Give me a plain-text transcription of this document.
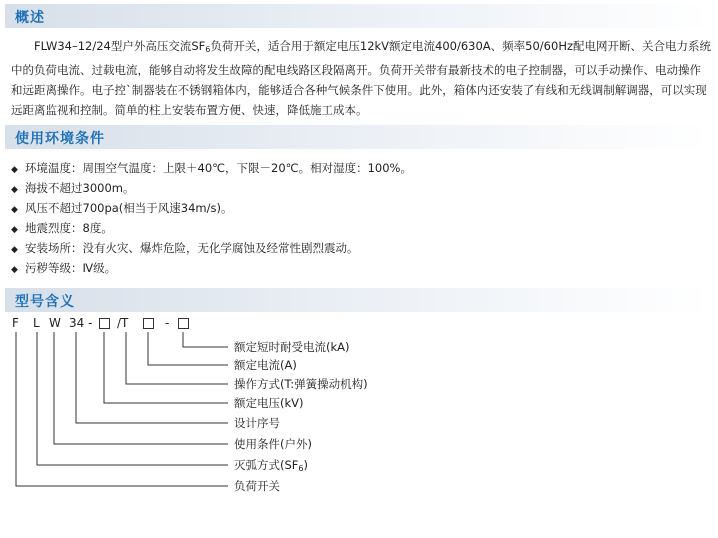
概述

FLW34–12/24型户外高压交流$SF_6$负荷开关，适合用于额定电压12kV额定电流400/630A、频率50/60Hz配电网开断、关合电力系统中的负荷电流、过载电流，能够自动将发生故障的配电线路区段隔离开。负荷开关带有最新技术的电子控制器，可以手动操作、电动操作和远距离操作。电子控`制器装在不锈钢箱体内，能够适合各种气候条件下使用。此外，箱体内还安装了有线和无线调制解调器，可以实现远距离监视和控制。简单的柱上安装布置方便、快速，降低施工成本。

使用环境条件
◆ 环境温度：周围空气温度：上限＋40℃，下限－20℃。相对湿度：100%。
◆ 海拔不超过3000m。
◆ 风压不超过700pa(相当于风速34m/s)。
◆ 地震烈度：8度。
◆ 安装场所：没有火灾、爆炸危险，无化学腐蚀及经常性剧烈震动。
◆ 污秽等级：Ⅳ级。
型号含义
F L W 34 - /T	-
额定短时耐受电流(kA)
额定电流(A)
操作方式(T:弹簧操动机构)
额定电压(kV)
设计序号
使用条件(户外)
灭弧方式$(SF_6)$
负荷开关
